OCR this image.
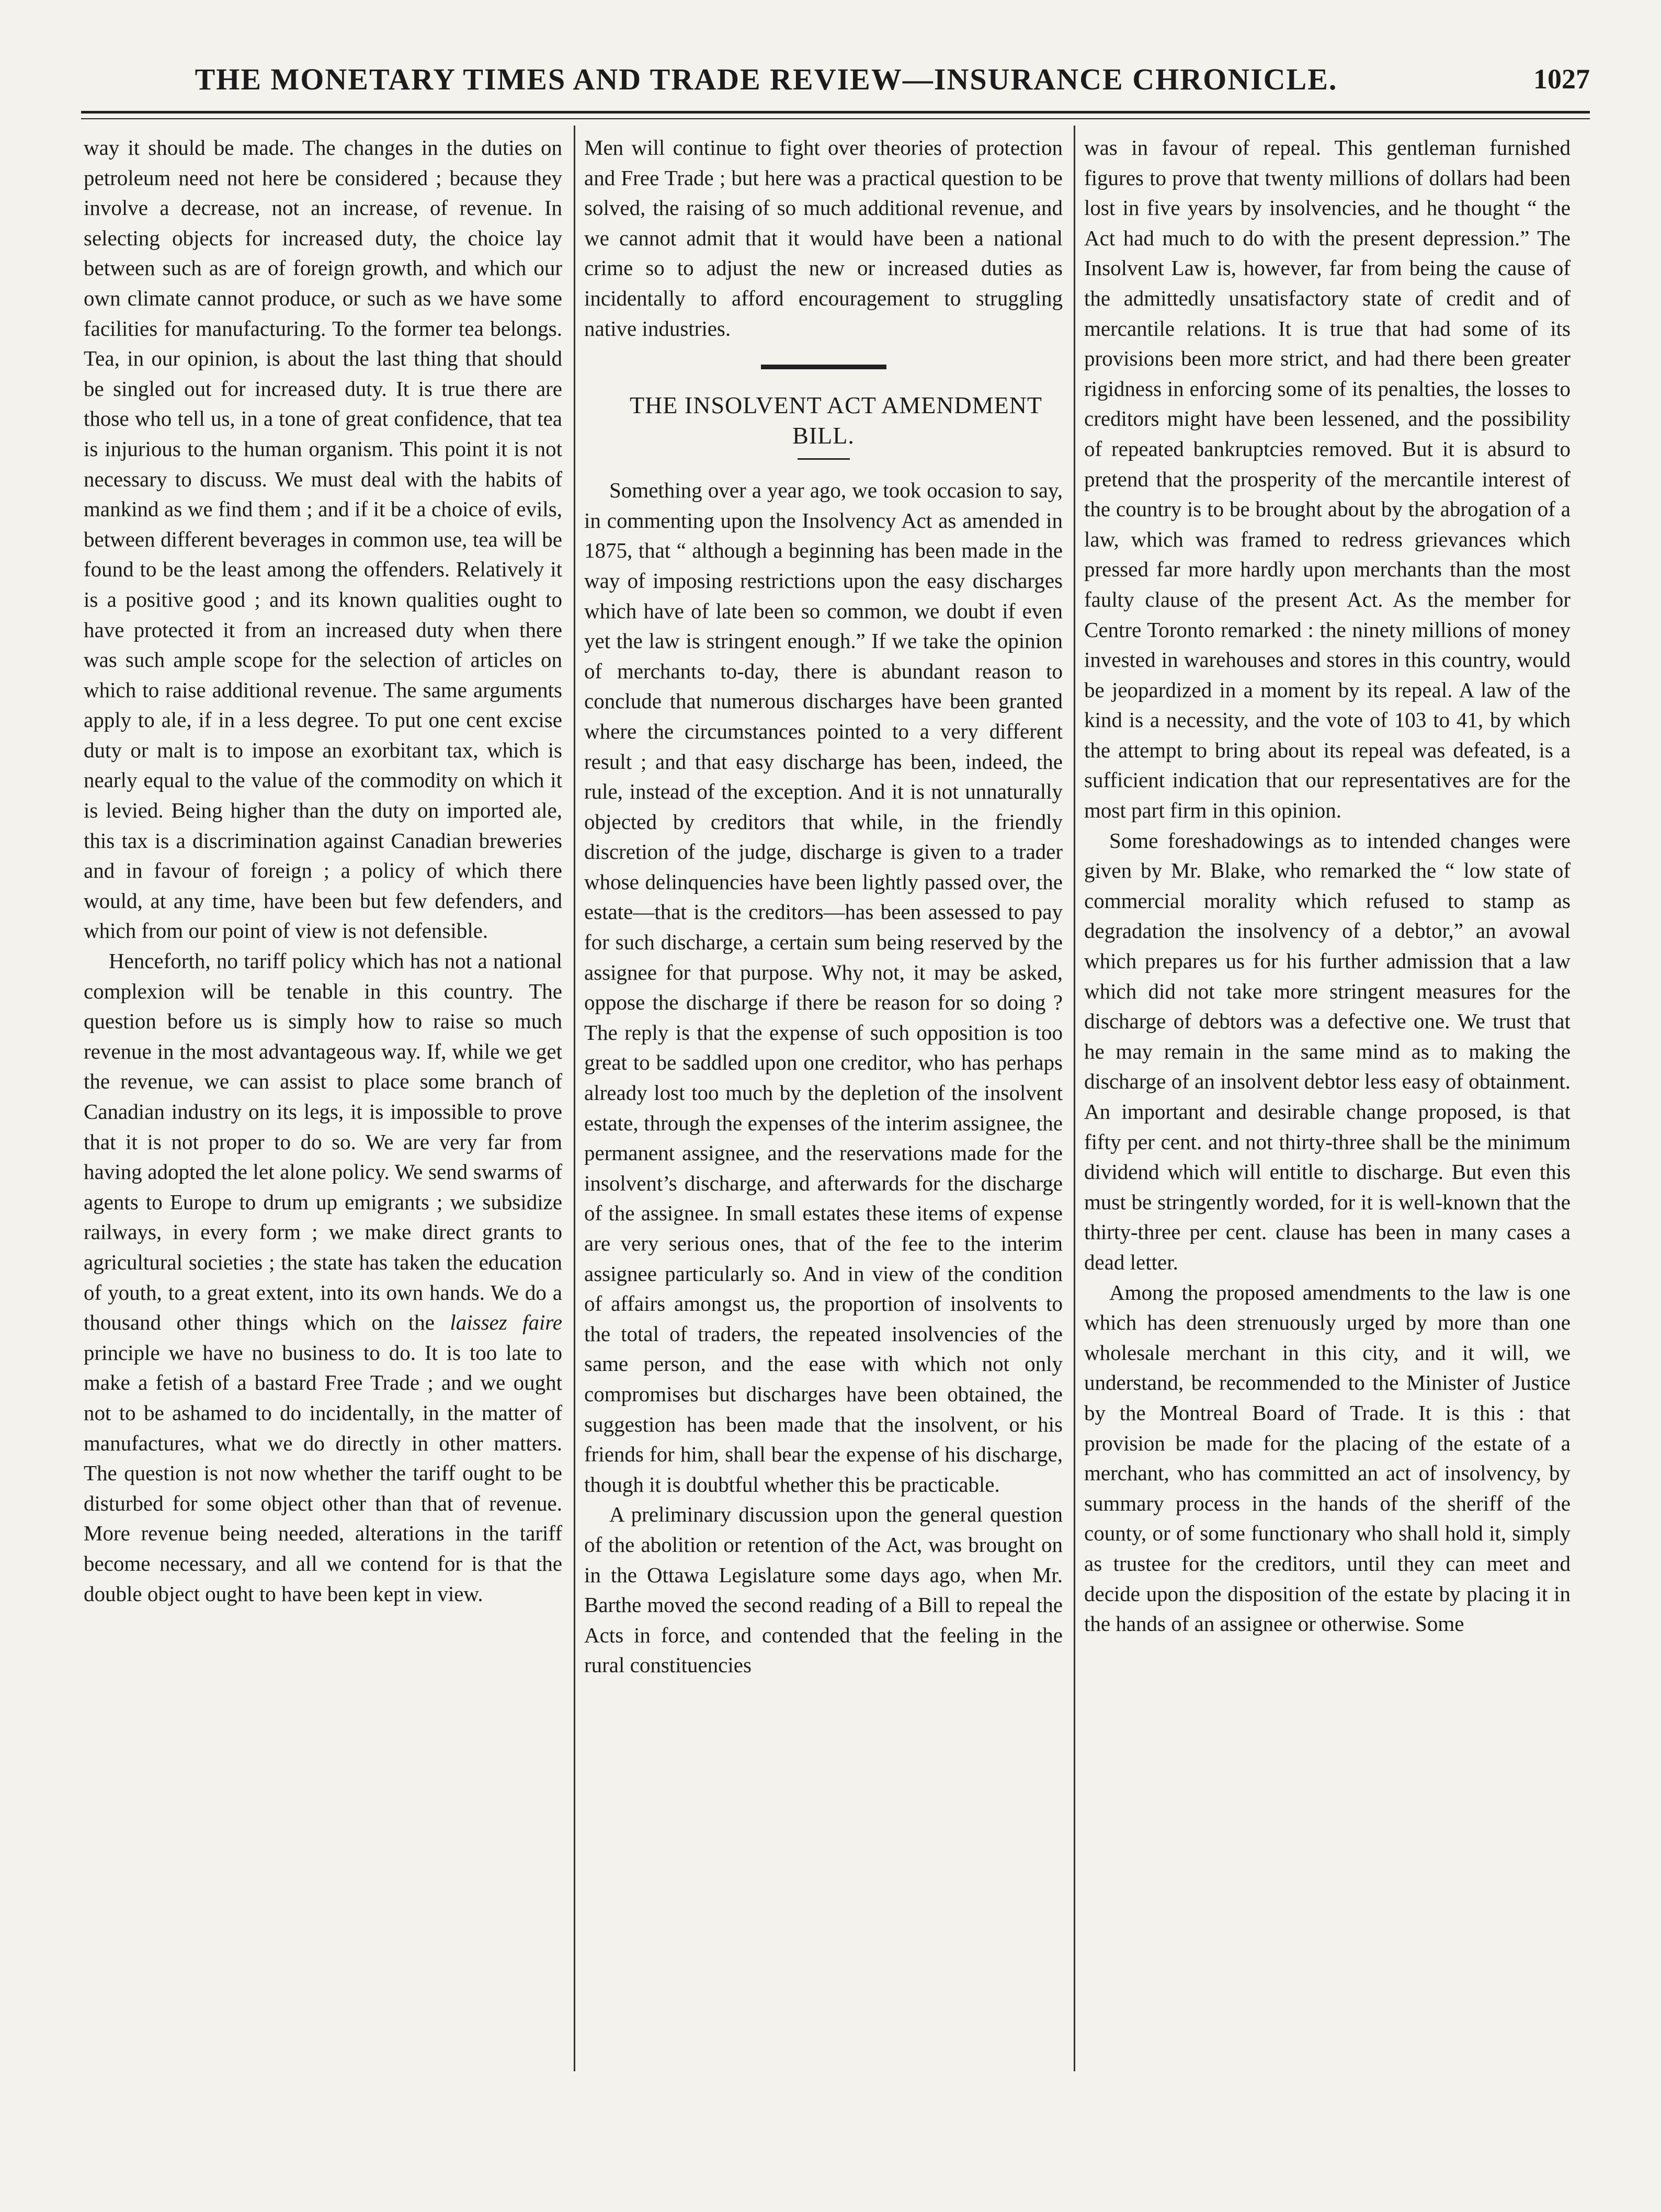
THE MONETARY TIMES AND TRADE REVIEW—INSURANCE CHRONICLE.	1027

way it should be made. The changes in the duties on petroleum need not here be considered ; because they involve a decrease, not an increase, of revenue. In selecting objects for increased duty, the choice lay between such as are of foreign growth, and which our own climate cannot produce, or such as we have some facilities for manufacturing. To the former tea belongs. Tea, in our opinion, is about the last thing that should be singled out for increased duty. It is true there are those who tell us, in a tone of great confidence, that tea is injurious to the human organism. This point it is not necessary to discuss. We must deal with the habits of mankind as we find them ; and if it be a choice of evils, between different beverages in common use, tea will be found to be the least among the offenders. Relatively it is a positive good ; and its known qualities ought to have protected it from an increased duty when there was such ample scope for the selection of articles on which to raise additional revenue. The same arguments apply to ale, if in a less degree. To put one cent excise duty or malt is to impose an exorbitant tax, which is nearly equal to the value of the commodity on which it is levied. Being higher than the duty on imported ale, this tax is a discrimination against Canadian breweries and in favour of foreign ; a policy of which there would, at any time, have been but few defenders, and which from our point of view is not defensible.

Henceforth, no tariff policy which has not a national complexion will be tenable in this country. The question before us is simply how to raise so much revenue in the most advantageous way. If, while we get the revenue, we can assist to place some branch of Canadian industry on its legs, it is impossible to prove that it is not proper to do so. We are very far from having adopted the let alone policy. We send swarms of agents to Europe to drum up emigrants ; we subsidize railways, in every form ; we make direct grants to agricultural societies ; the state has taken the education of youth, to a great extent, into its own hands. We do a thousand other things which on the laissez faire principle we have no business to do. It is too late to make a fetish of a bastard Free Trade ; and we ought not to be ashamed to do incidentally, in the matter of manufactures, what we do directly in other matters. The question is not now whether the tariff ought to be disturbed for some object other than that of revenue. More revenue being needed, alterations in the tariff become necessary, and all we contend for is that the double object ought to have been kept in view.

Men will continue to fight over theories of protection and Free Trade ; but here was a practical question to be solved, the raising of so much additional revenue, and we cannot admit that it would have been a national crime so to adjust the new or increased duties as incidentally to afford encouragement to struggling native industries.

THE INSOLVENT ACT AMENDMENT BILL.

Something over a year ago, we took occasion to say, in commenting upon the Insolvency Act as amended in 1875, that “ although a beginning has been made in the way of imposing restrictions upon the easy discharges which have of late been so common, we doubt if even yet the law is stringent enough.” If we take the opinion of merchants to-day, there is abundant reason to conclude that numerous discharges have been granted where the circumstances pointed to a very different result ; and that easy discharge has been, indeed, the rule, instead of the exception. And it is not unnaturally objected by creditors that while, in the friendly discretion of the judge, discharge is given to a trader whose delinquencies have been lightly passed over, the estate—that is the creditors—has been assessed to pay for such discharge, a certain sum being reserved by the assignee for that purpose. Why not, it may be asked, oppose the discharge if there be reason for so doing ? The reply is that the expense of such opposition is too great to be saddled upon one creditor, who has perhaps already lost too much by the depletion of the insolvent estate, through the expenses of the interim assignee, the permanent assignee, and the reservations made for the insolvent’s discharge, and afterwards for the discharge of the assignee. In small estates these items of expense are very serious ones, that of the fee to the interim assignee particularly so. And in view of the condition of affairs amongst us, the proportion of insolvents to the total of traders, the repeated insolvencies of the same person, and the ease with which not only compromises but discharges have been obtained, the suggestion has been made that the insolvent, or his friends for him, shall bear the expense of his discharge, though it is doubtful whether this be practicable.

A preliminary discussion upon the general question of the abolition or retention of the Act, was brought on in the Ottawa Legislature some days ago, when Mr. Barthe moved the second reading of a Bill to repeal the Acts in force, and contended that the feeling in the rural constituencies

was in favour of repeal. This gentleman furnished figures to prove that twenty millions of dollars had been lost in five years by insolvencies, and he thought “ the Act had much to do with the present depression.” The Insolvent Law is, however, far from being the cause of the admittedly unsatisfactory state of credit and of mercantile relations. It is true that had some of its provisions been more strict, and had there been greater rigidness in enforcing some of its penalties, the losses to creditors might have been lessened, and the possibility of repeated bankruptcies removed. But it is absurd to pretend that the prosperity of the mercantile interest of the country is to be brought about by the abrogation of a law, which was framed to redress grievances which pressed far more hardly upon merchants than the most faulty clause of the present Act. As the member for Centre Toronto remarked : the ninety millions of money invested in warehouses and stores in this country, would be jeopardized in a moment by its repeal. A law of the kind is a necessity, and the vote of 103 to 41, by which the attempt to bring about its repeal was defeated, is a sufficient indication that our representatives are for the most part firm in this opinion.

Some foreshadowings as to intended changes were given by Mr. Blake, who remarked the “ low state of commercial morality which refused to stamp as degradation the insolvency of a debtor,” an avowal which prepares us for his further admission that a law which did not take more stringent measures for the discharge of debtors was a defective one. We trust that he may remain in the same mind as to making the discharge of an insolvent debtor less easy of obtainment. An important and desirable change proposed, is that fifty per cent. and not thirty-three shall be the minimum dividend which will entitle to discharge. But even this must be stringently worded, for it is well-known that the thirty-three per cent. clause has been in many cases a dead letter.

Among the proposed amendments to the law is one which has deen strenuously urged by more than one wholesale merchant in this city, and it will, we understand, be recommended to the Minister of Justice by the Montreal Board of Trade. It is this : that provision be made for the placing of the estate of a merchant, who has committed an act of insolvency, by summary process in the hands of the sheriff of the county, or of some functionary who shall hold it, simply as trustee for the creditors, until they can meet and decide upon the disposition of the estate by placing it in the hands of an assignee or otherwise. Some
